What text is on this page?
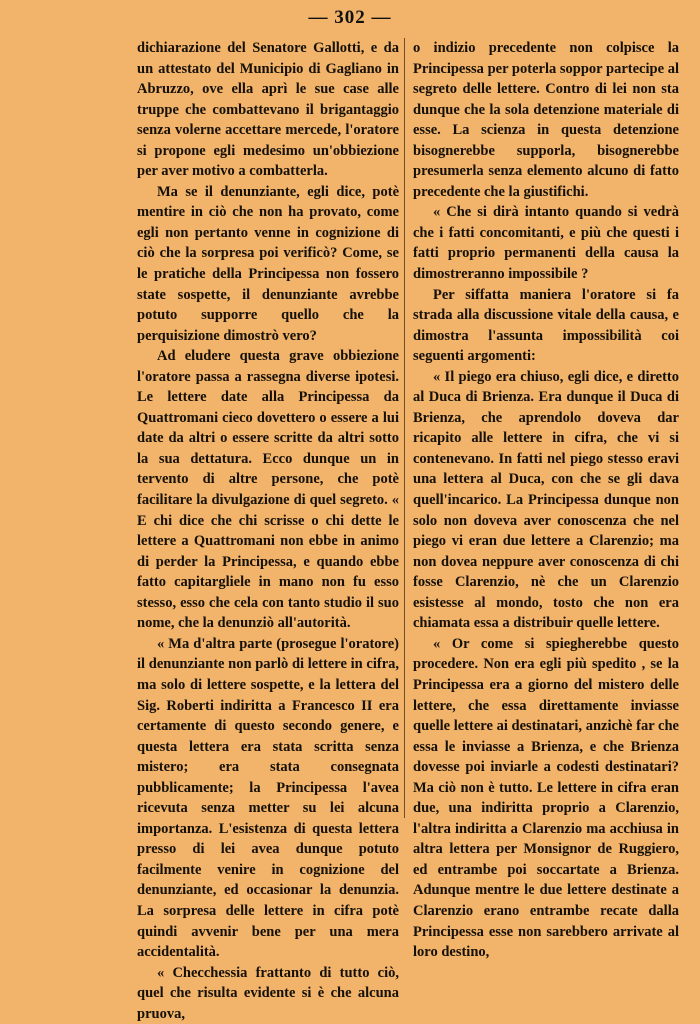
— 302 —

dichiarazione del Senatore Gallotti, e da un attestato del Municipio di Gagliano in Abruzzo, ove ella aprì le sue case alle truppe che combattevano il brigantaggio senza volerne accettare mercede, l'oratore si propone egli medesimo un'obbiezione per aver motivo a combatterla.

Ma se il denunziante, egli dice, potè mentire in ciò che non ha provato, come egli non pertanto venne in cognizione di ciò che la sorpresa poi verificò? Come, se le pratiche della Principessa non fossero state sospette, il denunziante avrebbe potuto supporre quello che la perquisizione dimostrò vero?

Ad eludere questa grave obbiezione l'oratore passa a rassegna diverse ipotesi. Le lettere date alla Principessa da Quattromani cieco dovettero o essere a lui date da altri o essere scritte da altri sotto la sua dettatura. Ecco dunque un in tervento di altre persone, che potè facilitare la divulgazione di quel segreto. « E chi dice che chi scrisse o chi dette le lettere a Quattromani non ebbe in animo di perder la Principessa, e quando ebbe fatto capitargliele in mano non fu esso stesso, esso che cela con tanto studio il suo nome, che la denunziò all'autorità.

« Ma d'altra parte (prosegue l'oratore) il denunziante non parlò di lettere in cifra, ma solo di lettere sospette, e la lettera del Sig. Roberti indiritta a Francesco II era certamente di questo secondo genere, e questa lettera era stata scritta senza mistero; era stata consegnata pubblicamente; la Principessa l'avea ricevuta senza metter su lei alcuna importanza. L'esistenza di questa lettera presso di lei avea dunque potuto facilmente venire in cognizione del denunziante, ed occasionar la denunzia. La sorpresa delle lettere in cifra potè quindi avvenir bene per una mera accidentalità.

« Checchessia frattanto di tutto ciò, quel che risulta evidente si è che alcuna pruova,

o indizio precedente non colpisce la Principessa per poterla soppor partecipe al segreto delle lettere. Contro di lei non sta dunque che la sola detenzione materiale di esse. La scienza in questa detenzione bisognerebbe supporla, bisognerebbe presumerla senza elemento alcuno di fatto precedente che la giustifichi.

« Che si dirà intanto quando si vedrà che i fatti concomitanti, e più che questi i fatti proprio permanenti della causa la dimostreranno impossibile ?

Per siffatta maniera l'oratore si fa strada alla discussione vitale della causa, e dimostra l'assunta impossibilità coi seguenti argomenti:

« Il piego era chiuso, egli dice, e diretto al Duca di Brienza. Era dunque il Duca di Brienza, che aprendolo doveva dar ricapito alle lettere in cifra, che vi si contenevano. In fatti nel piego stesso eravi una lettera al Duca, con che se gli dava quell'incarico. La Principessa dunque non solo non doveva aver conoscenza che nel piego vi eran due lettere a Clarenzio; ma non dovea neppure aver conoscenza di chi fosse Clarenzio, nè che un Clarenzio esistesse al mondo, tosto che non era chiamata essa a distribuir quelle lettere.

« Or come si spiegherebbe questo procedere. Non era egli più spedito , se la Principessa era a giorno del mistero delle lettere, che essa direttamente inviasse quelle lettere ai destinatari, anzichè far che essa le inviasse a Brienza, e che Brienza dovesse poi inviarle a codesti destinatari? Ma ciò non è tutto. Le lettere in cifra eran due, una indiritta proprio a Clarenzio, l'altra indiritta a Clarenzio ma acchiusa in altra lettera per Monsignor de Ruggiero, ed entrambe poi soccartate a Brienza. Adunque mentre le due lettere destinate a Clarenzio erano entrambe recate dalla Principessa esse non sarebbero arrivate al loro destino,
